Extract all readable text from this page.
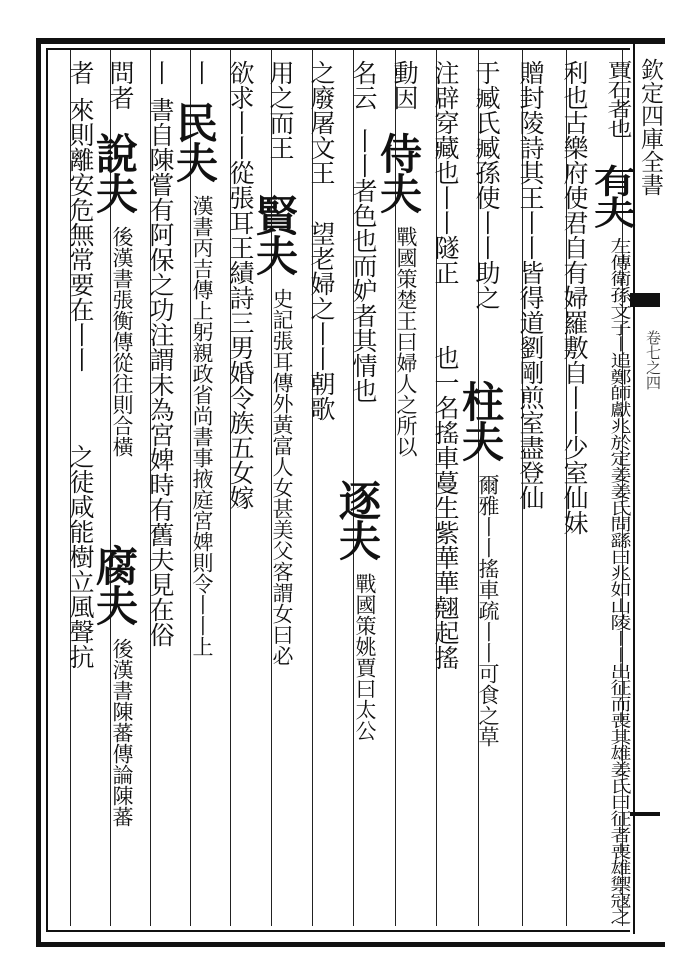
欽定四庫全書
卷七之四
賈石者也
有夫
左傳衛孫文子丨追鄭師獻兆於定姜姜氏問繇曰兆如山陵丨丨出征而喪其雄姜氏曰征者喪雄禦寇之
利也古樂府使君自有婦羅敷自丨丨少室仙妹
贈封陵詩其王丨丨皆得道劉剛煎室盡登仙
于臧氏臧孫使丨丨助之
柱夫
爾雅丨丨搖車疏丨丨可食之草
注辟穿藏也丨丨隧正
也一名搖車蔓生紫華華翹起搖
動因
侍夫
戰國策楚王曰婦人之所以
名云
丨丨者色也而妒者其情也
逐夫
戰國策姚賈曰太公
之廢屠文王
望老婦之丨丨朝歌
用之而王
賢夫
史記張耳傳外黃富人女甚美父客謂女曰必
欲求丨丨從張耳王績詩三男婚令族五女嫁
丨
民夫
漢書丙吉傳上躬親政省尚書事掖庭宮婢則令丨丨上
丨
書自陳嘗有阿保之功注謂未為宮婢時有舊夫見在俗
問者
說夫
後漢書張衡傳從往則合橫
腐夫
後漢書陳蕃傳論陳蕃
者
來則離安危無常要在丨丨
之徒咸能樹立風聲抗
